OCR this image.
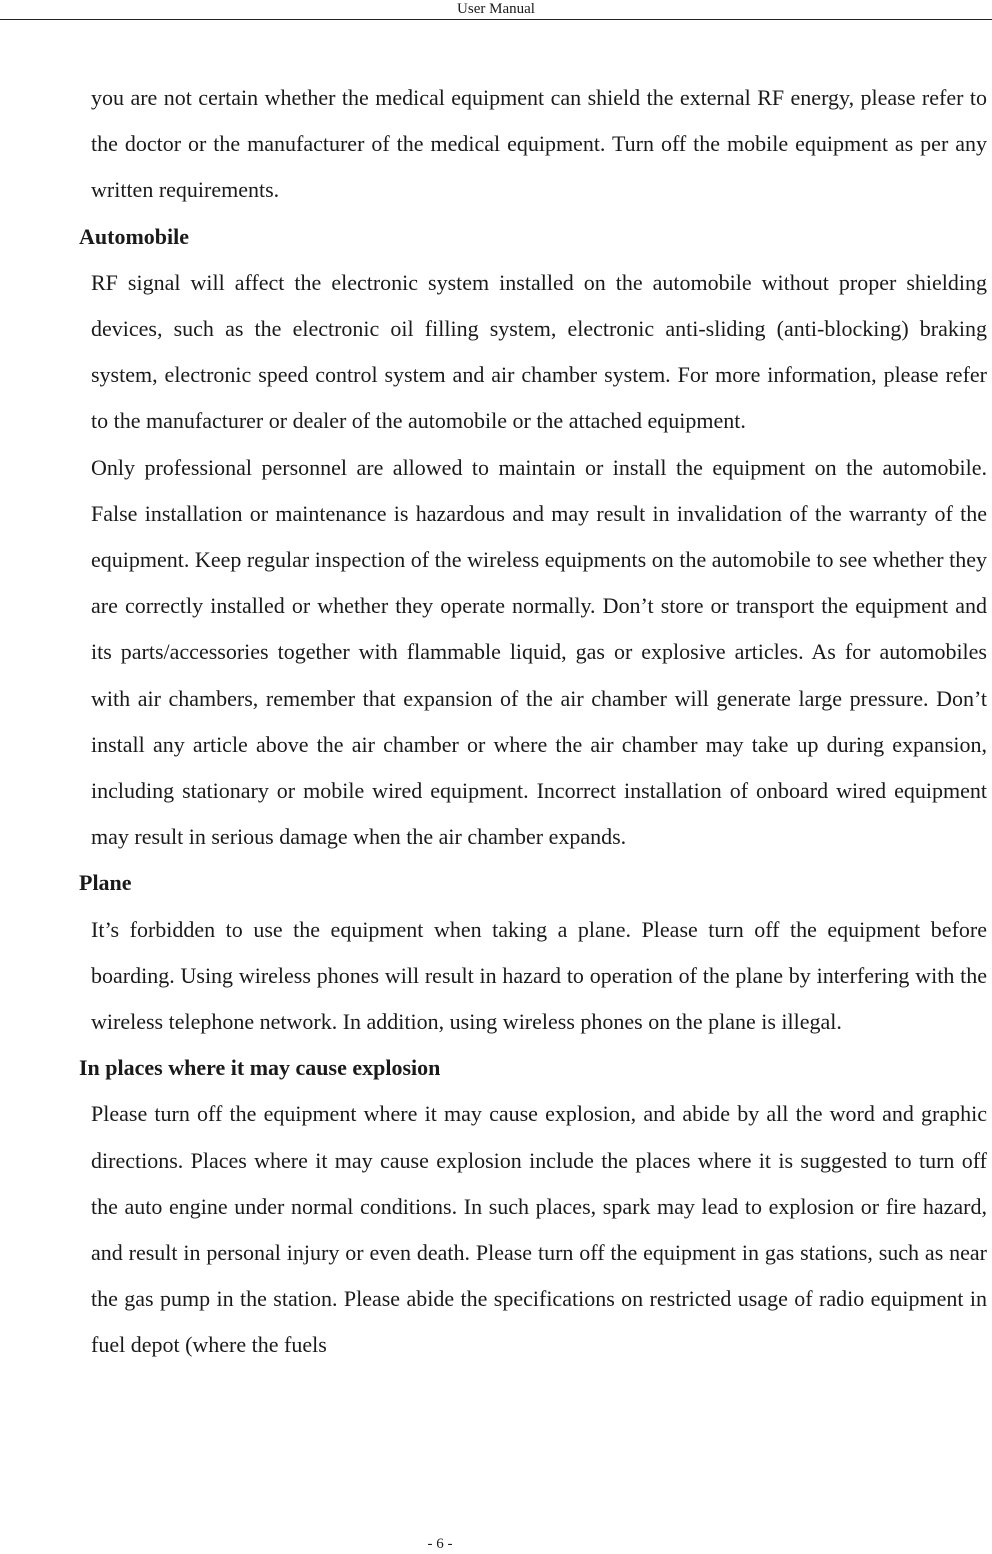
User Manual

you are not certain whether the medical equipment can shield the external RF energy, please refer to the doctor or the manufacturer of the medical equipment. Turn off the mobile equipment as per any written requirements.

Automobile

RF signal will affect the electronic system installed on the automobile without proper shielding devices, such as the electronic oil filling system, electronic anti-sliding (anti-blocking) braking system, electronic speed control system and air chamber system. For more information, please refer to the manufacturer or dealer of the automobile or the attached equipment.

Only professional personnel are allowed to maintain or install the equipment on the automobile. False installation or maintenance is hazardous and may result in invalidation of the warranty of the equipment. Keep regular inspection of the wireless equipments on the automobile to see whether they are correctly installed or whether they operate normally. Don’t store or transport the equipment and its parts/accessories together with flammable liquid, gas or explosive articles. As for automobiles with air chambers, remember that expansion of the air chamber will generate large pressure. Don’t install any article above the air chamber or where the air chamber may take up during expansion, including stationary or mobile wired equipment. Incorrect installation of onboard wired equipment may result in serious damage when the air chamber expands.

Plane

It’s forbidden to use the equipment when taking a plane. Please turn off the equipment before boarding. Using wireless phones will result in hazard to operation of the plane by interfering with the wireless telephone network. In addition, using wireless phones on the plane is illegal.

In places where it may cause explosion

Please turn off the equipment where it may cause explosion, and abide by all the word and graphic directions. Places where it may cause explosion include the places where it is suggested to turn off the auto engine under normal conditions. In such places, spark may lead to explosion or fire hazard, and result in personal injury or even death. Please turn off the equipment in gas stations, such as near the gas pump in the station. Please abide the specifications on restricted usage of radio equipment in fuel depot (where the fuels

- 6 -
